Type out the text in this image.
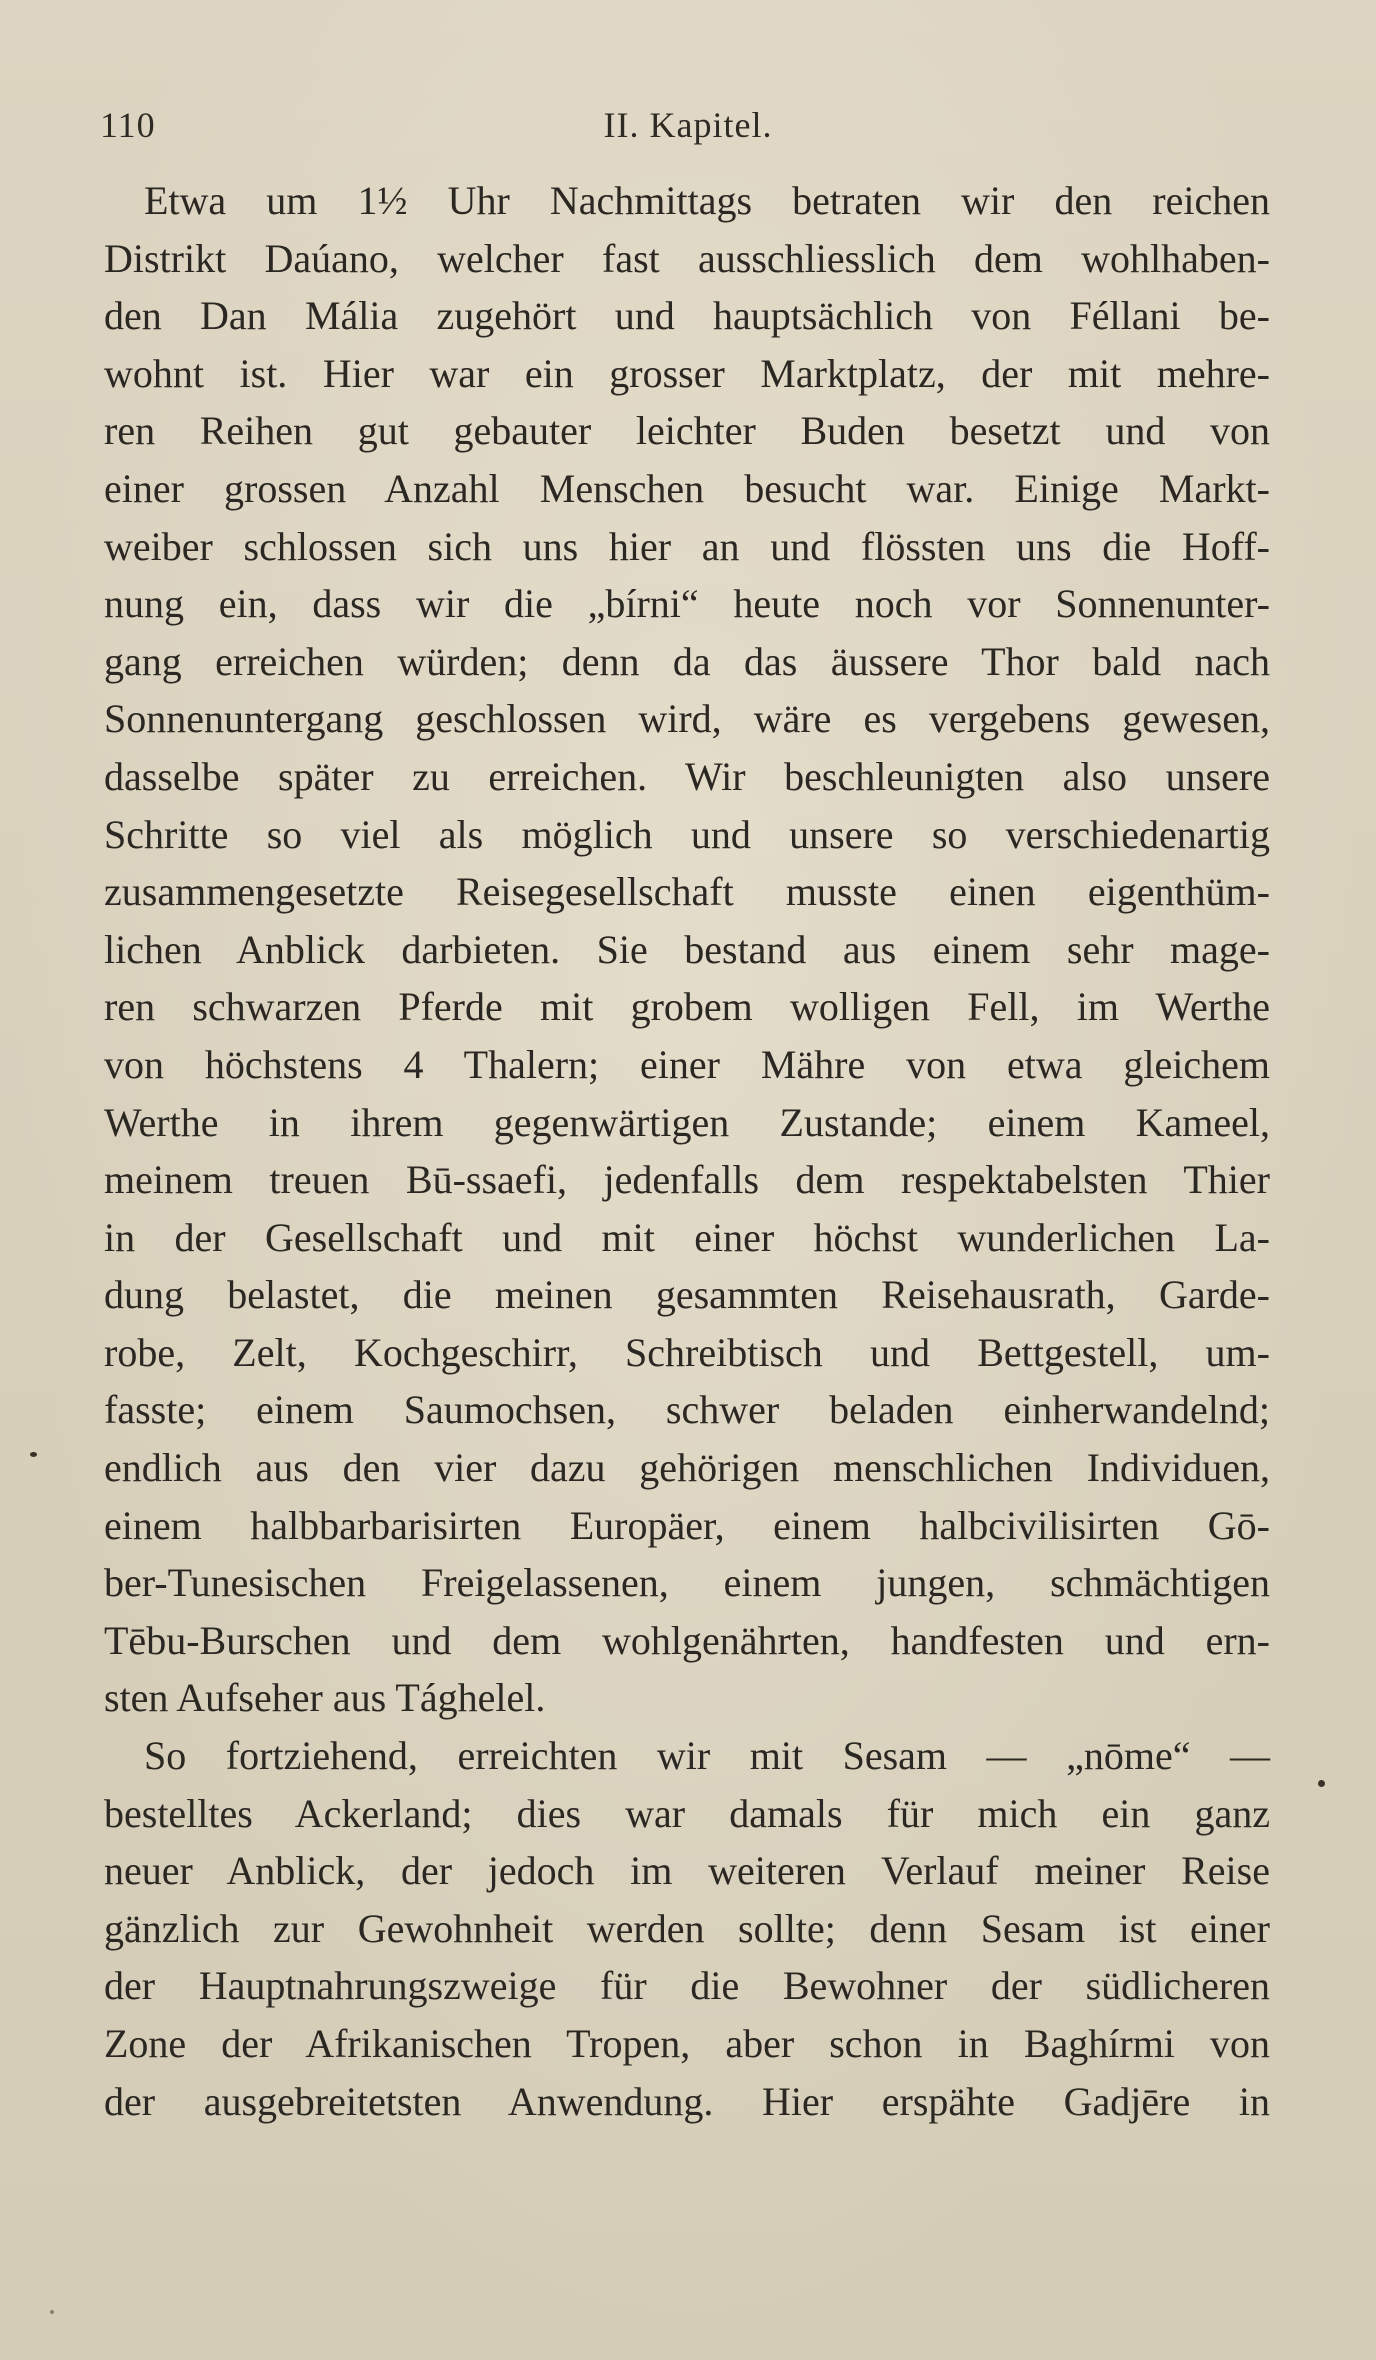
110	II. Kapitel.
Etwa um 1½ Uhr Nachmittags betraten wir den reichen
Distrikt Daúano, welcher fast ausschliesslich dem wohlhaben-
den Dan Mália zugehört und hauptsächlich von Féllani be-
wohnt ist. Hier war ein grosser Marktplatz, der mit mehre-
ren Reihen gut gebauter leichter Buden besetzt und von
einer grossen Anzahl Menschen besucht war. Einige Markt-
weiber schlossen sich uns hier an und flössten uns die Hoff-
nung ein, dass wir die „bírni“ heute noch vor Sonnenunter-
gang erreichen würden; denn da das äussere Thor bald nach
Sonnenuntergang geschlossen wird, wäre es vergebens gewesen,
dasselbe später zu erreichen. Wir beschleunigten also unsere
Schritte so viel als möglich und unsere so verschiedenartig
zusammengesetzte Reisegesellschaft musste einen eigenthüm-
lichen Anblick darbieten. Sie bestand aus einem sehr mage-
ren schwarzen Pferde mit grobem wolligen Fell, im Werthe
von höchstens 4 Thalern; einer Mähre von etwa gleichem
Werthe in ihrem gegenwärtigen Zustande; einem Kameel,
meinem treuen Bū-ssaefi, jedenfalls dem respektabelsten Thier
in der Gesellschaft und mit einer höchst wunderlichen La-
dung belastet, die meinen gesammten Reisehausrath, Garde-
robe, Zelt, Kochgeschirr, Schreibtisch und Bettgestell, um-
fasste; einem Saumochsen, schwer beladen einherwandelnd;
endlich aus den vier dazu gehörigen menschlichen Individuen,
einem halbbarbarisirten Europäer, einem halbcivilisirten Gō-
ber-Tunesischen Freigelassenen, einem jungen, schmächtigen
Tēbu-Burschen und dem wohlgenährten, handfesten und ern-
sten Aufseher aus Tághelel.
So fortziehend, erreichten wir mit Sesam — „nōme“ —
bestelltes Ackerland; dies war damals für mich ein ganz
neuer Anblick, der jedoch im weiteren Verlauf meiner Reise
gänzlich zur Gewohnheit werden sollte; denn Sesam ist einer
der Hauptnahrungszweige für die Bewohner der südlicheren
Zone der Afrikanischen Tropen, aber schon in Baghírmi von
der ausgebreitetsten Anwendung. Hier erspähte Gadjēre in
